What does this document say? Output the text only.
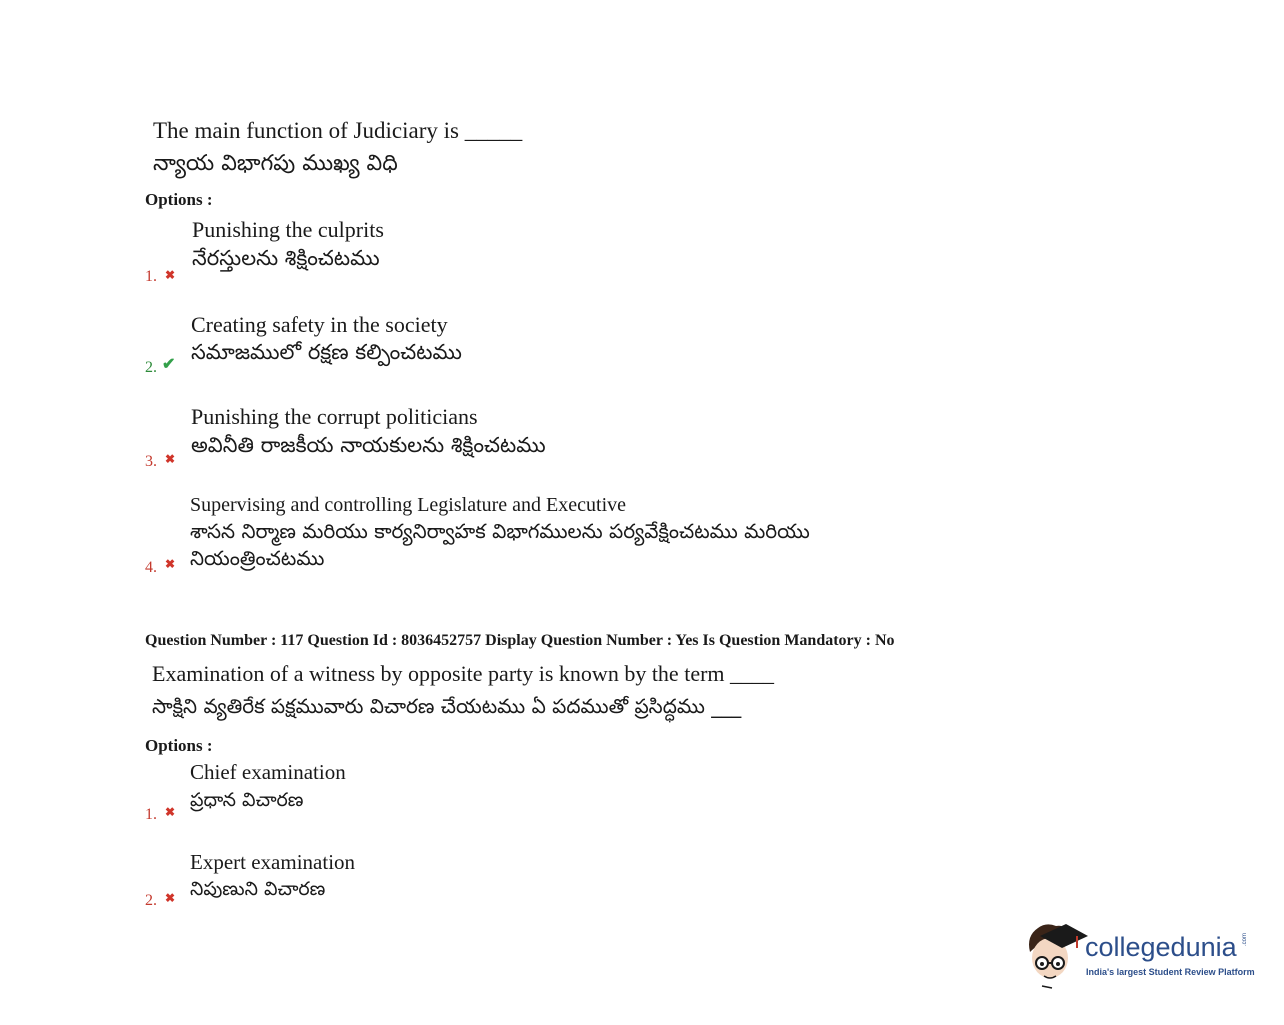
The main function of Judiciary is _____
న్యాయ విభాగపు ముఖ్య విధి
Options :
Punishing the culprits
నేరస్తులను శిక్షించటము
1. ✖
Creating safety in the society
సమాజములో రక్షణ కల్పించటము
2. ✔
Punishing the corrupt politicians
అవినీతి రాజకీయ నాయకులను శిక్షించటము
3. ✖
Supervising and controlling Legislature and Executive
శాసన నిర్మాణ మరియు కార్యనిర్వాహక విభాగములను పర్యవేక్షించటము మరియు
నియంత్రించటము
4. ✖
Question Number : 117 Question Id : 8036452757 Display Question Number : Yes Is Question Mandatory : No
Examination of a witness by opposite party is known by the term ____
సాక్షిని వ్యతిరేక పక్షమువారు విచారణ చేయటము ఏ పదముతో ప్రసిద్ధము ___
Options :
Chief examination
ప్రధాన విచారణ
1. ✖
Expert examination
నిపుణుని విచారణ
2. ✖
collegedunia .com
India's largest Student Review Platform
